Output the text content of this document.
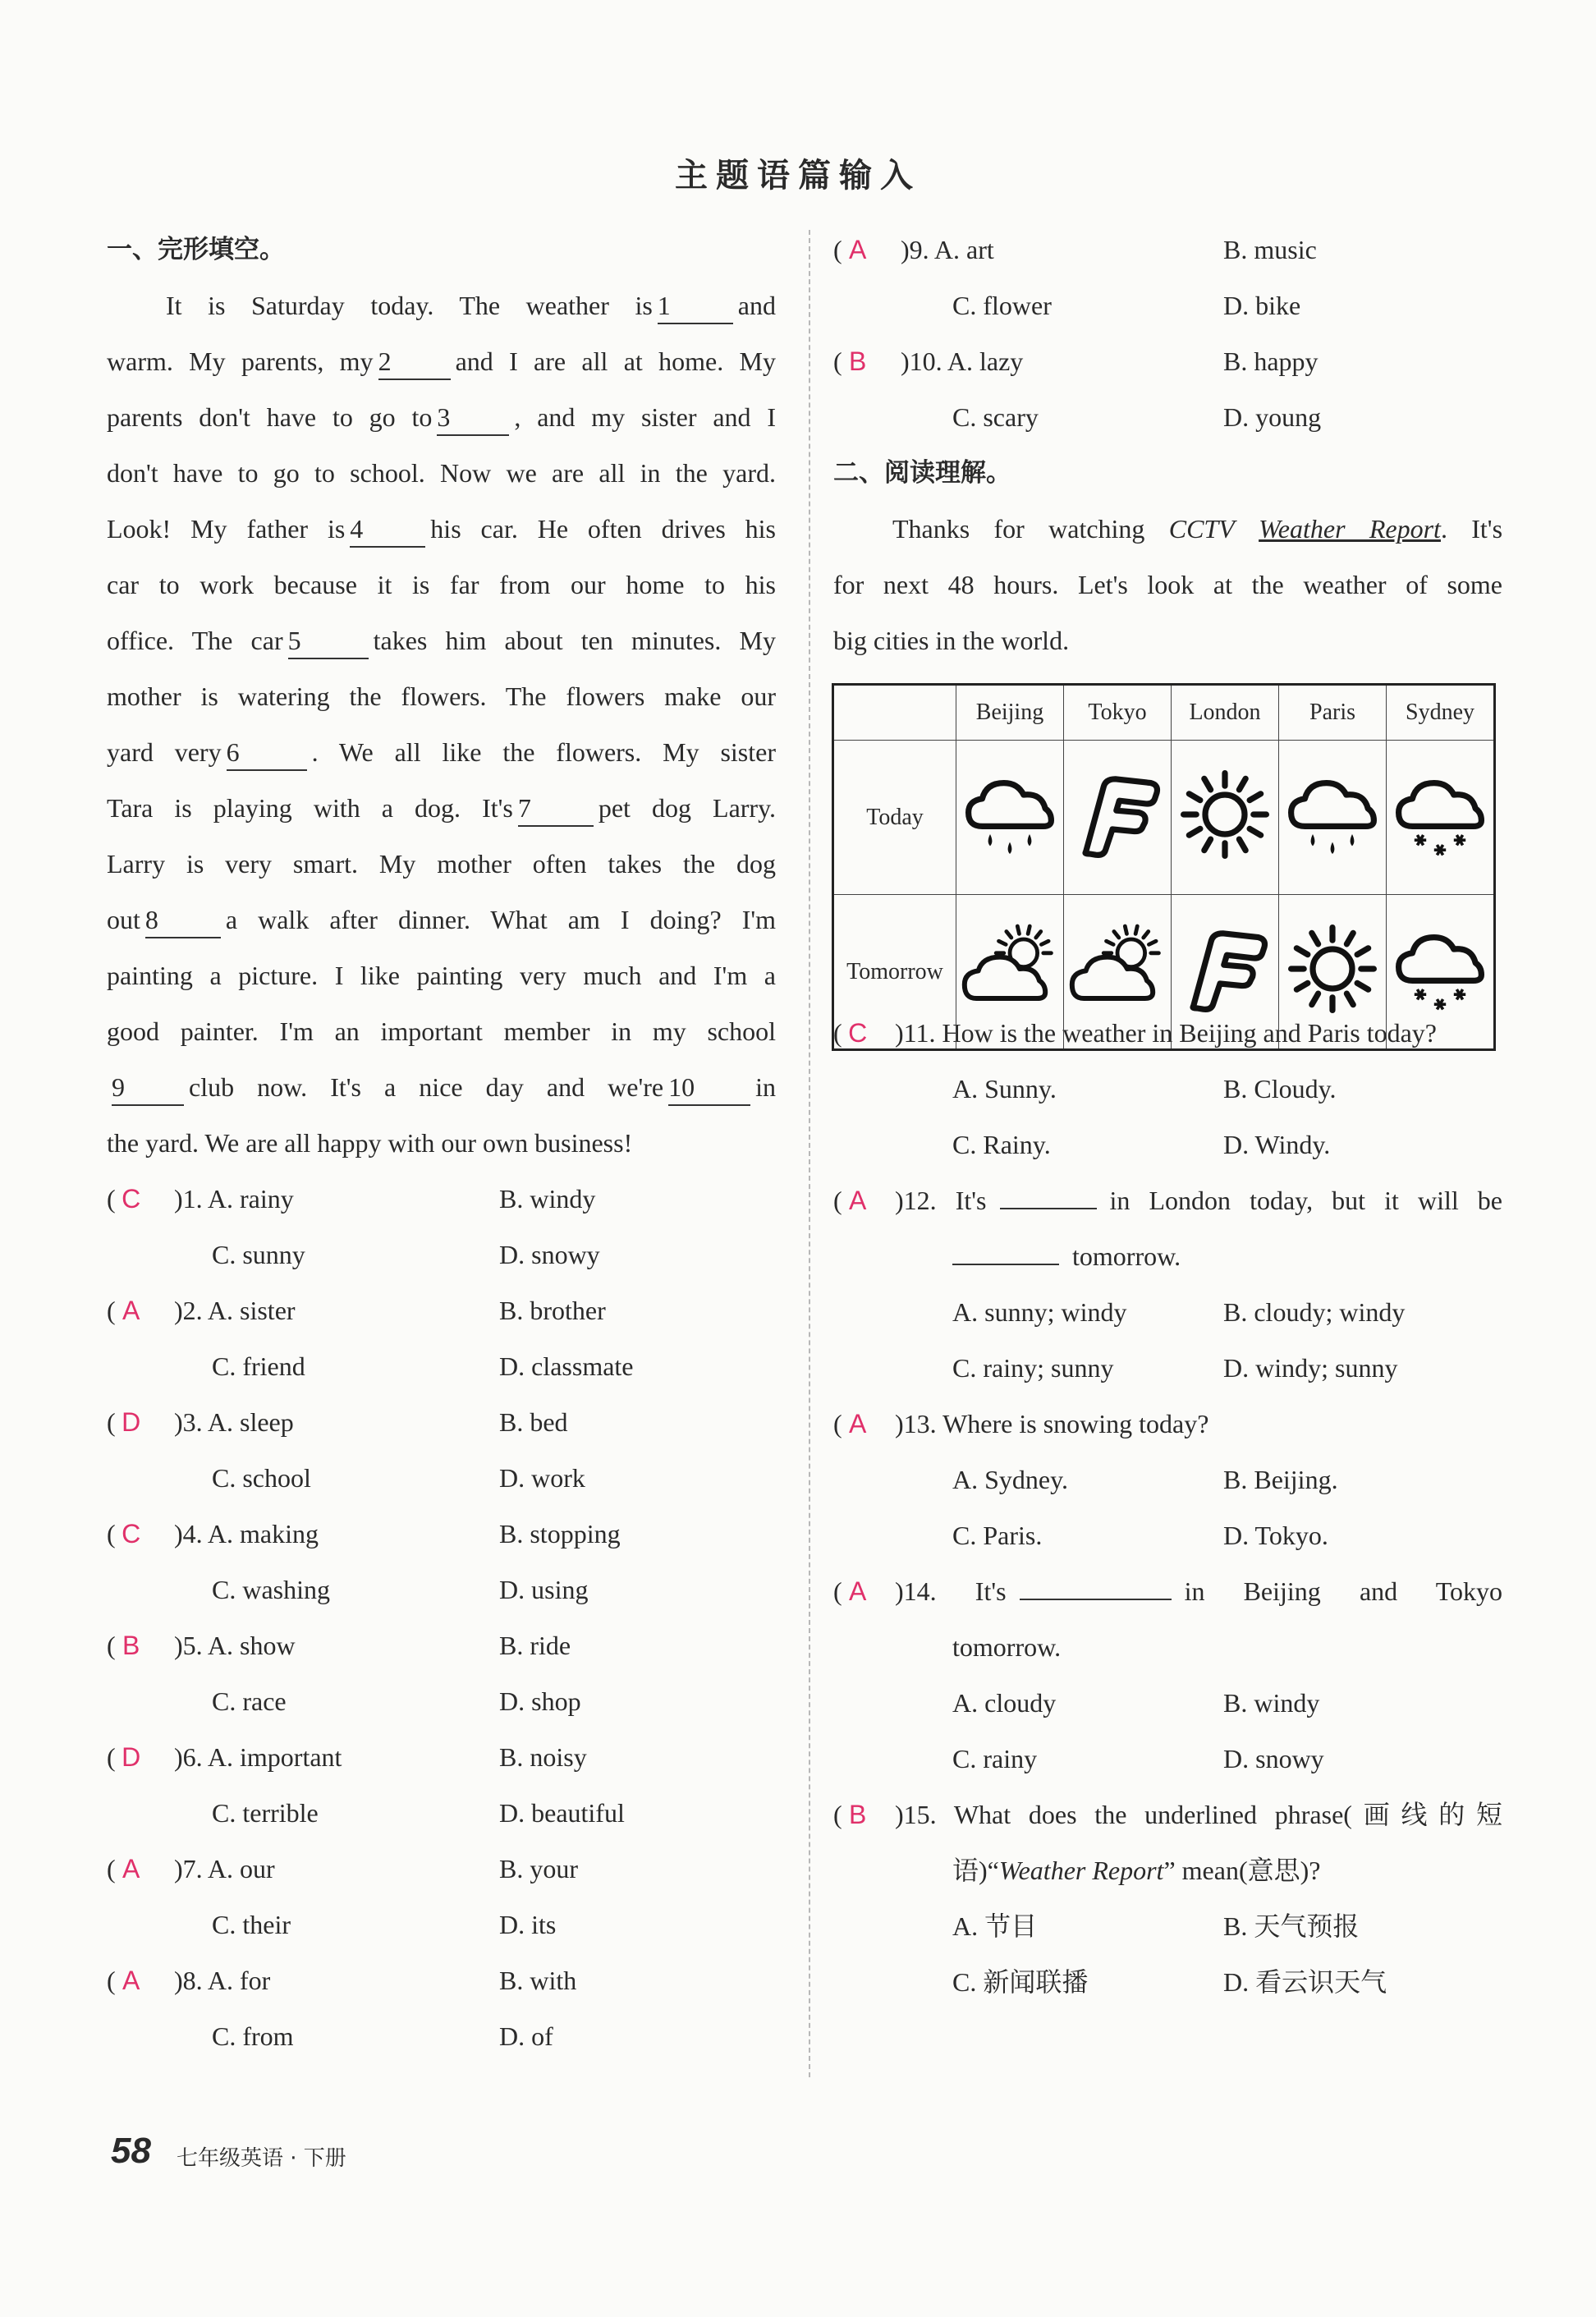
主题语篇输入
一、完形填空。
It is Saturday today. The weather is 1	and
warm. My parents, my 2 and I are all at home. My
parents don't have to go to 3 , and my sister and I
don't have to go to school. Now we are all in the yard.
Look! My father is 4	his car. He often drives his
car to work because it is far from our home to his
office. The car 5	takes him about ten minutes. My
mother is watering the flowers. The flowers make our
yard very 6	. We all like the flowers. My sister
Tara is playing with a dog. It's 7	pet dog Larry.
Larry is very smart. My mother often takes the dog
out 8	a walk after dinner. What am I doing? I'm
painting a picture. I like painting very much and I'm a
good painter. I'm an important member in my school
9 club now. It's a nice day and we're 10 in
the yard. We are all happy with our own business!
( C )1. A. rainy	B. windy
C. sunny	D. snowy
( A )2. A. sister	B. brother
C. friend	D. classmate
( D )3. A. sleep	B. bed
C. school	D. work
( C )4. A. making	B. stopping
C. washing	D. using
( B )5. A. show	B. ride
C. race	D. shop
( D )6. A. important	B. noisy
C. terrible	D. beautiful
( A )7. A. our	B. your
C. their	D. its
( A )8. A. for	B. with
C. from	D. of
( A )9. A. art	B. music
C. flower	D. bike
( B )10. A. lazy	B. happy
C. scary	D. young
二、阅读理解。
Thanks for watching CCTV Weather Report. It's
for next 48 hours. Let's look at the weather of some
big cities in the world.
( C )11. How is the weather in Beijing and Paris today?
A. Sunny.	B. Cloudy.
C. Rainy.	D. Windy.
( A )12. It's	in London today, but it will be
tomorrow.
A. sunny; windy	B. cloudy; windy
C. rainy; sunny	D. windy; sunny
( A )13. Where is snowing today?
A. Sydney.	B. Beijing.
C. Paris.	D. Tokyo.
( A )14. It's	in Beijing and Tokyo
tomorrow.
A. cloudy	B. windy
C. rainy	D. snowy
( B )15. What does the underlined phrase(画线的短
语)“Weather Report” mean(意思)?
A. 节目	B. 天气预报
C. 新闻联播	D. 看云识天气
	Beijing	Tokyo	London	Paris	Sydney
Today					
Tomorrow					
58 七年级英语 · 下册
